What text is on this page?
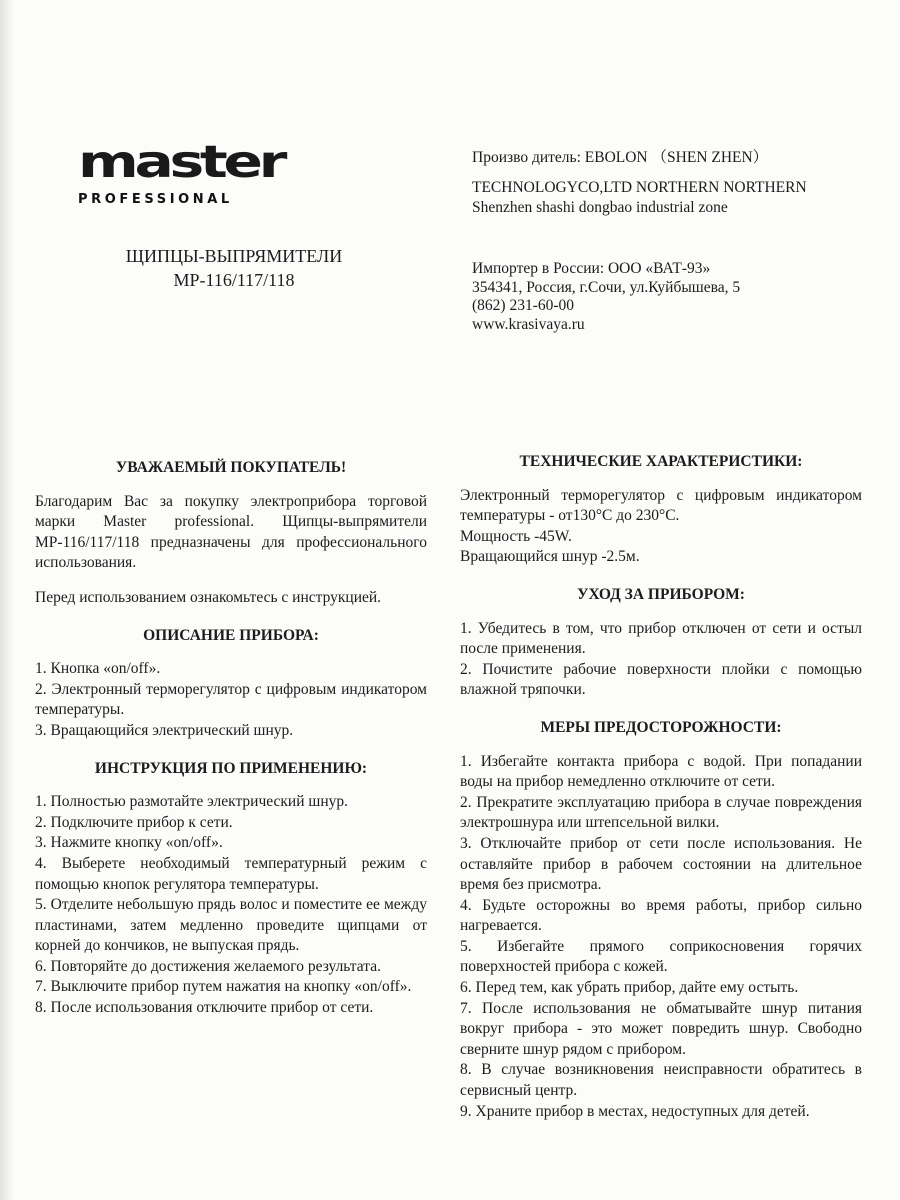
master
PROFESSIONAL
Произво дитель: EBOLON （SHEN ZHEN）
TECHNOLOGYCO,LTD NORTHERN NORTHERN
Shenzhen shashi dongbao industrial zone
ЩИПЦЫ-ВЫПРЯМИТЕЛИ
МР-116/117/118
Импортер в России: ООО «ВАТ-93»
354341, Россия, г.Сочи, ул.Куйбышева, 5
(862) 231-60-00
www.krasivaya.ru
УВАЖАЕМЫЙ ПОКУПАТЕЛЬ!

Благодарим Вас за покупку электроприбора торговой марки Master professional. Щипцы-выпрямители МР-116/117/118 предназначены для профессионального использования.

Перед использованием ознакомьтесь с инструкцией.

ОПИСАНИЕ ПРИБОРА:
1. Кнопка «on/off».
2. Электронный терморегулятор с цифровым индикатором температуры.
3. Вращающийся электрический шнур.
ИНСТРУКЦИЯ ПО ПРИМЕНЕНИЮ:
1. Полностью размотайте электрический шнур.
2. Подключите прибор к сети.
3. Нажмите кнопку «on/off».
4. Выберете необходимый температурный режим с помощью кнопок регулятора температуры.
5. Отделите небольшую прядь волос и поместите ее между пластинами, затем медленно проведите щипцами от корней до кончиков, не выпуская прядь.
6. Повторяйте до достижения желаемого результата.
7. Выключите прибор путем нажатия на кнопку «on/off».
8. После использования отключите прибор от сети.
ТЕХНИЧЕСКИЕ ХАРАКТЕРИСТИКИ:
Электронный терморегулятор с цифровым индикатором температуры - от130°С до 230°С.
Мощность -45W.
Вращающийся шнур -2.5м.
УХОД ЗА ПРИБОРОМ:
1. Убедитесь в том, что прибор отключен от сети и остыл после применения.
2. Почистите рабочие поверхности плойки с помощью влажной тряпочки.
МЕРЫ ПРЕДОСТОРОЖНОСТИ:
1. Избегайте контакта прибора с водой. При попадании воды на прибор немедленно отключите от сети.
2. Прекратите эксплуатацию прибора в случае повреждения электрошнура или штепсельной вилки.
3. Отключайте прибор от сети после использования. Не оставляйте прибор в рабочем состоянии на длительное время без присмотра.
4. Будьте осторожны во время работы, прибор сильно нагревается.
5. Избегайте прямого соприкосновения горячих поверхностей прибора с кожей.
6. Перед тем, как убрать прибор, дайте ему остыть.
7. После использования не обматывайте шнур питания вокруг прибора - это может повредить шнур. Свободно сверните шнур рядом с прибором.
8. В случае возникновения неисправности обратитесь в сервисный центр.
9. Храните прибор в местах, недоступных для детей.
